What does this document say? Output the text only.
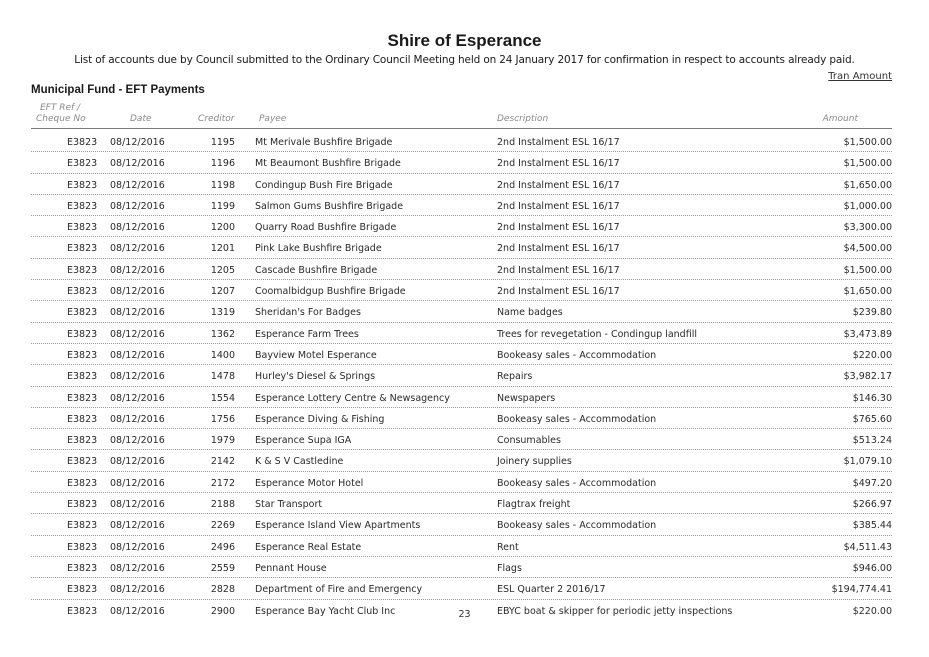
Shire of Esperance
List of accounts due by Council submitted to the Ordinary Council Meeting held on 24 January 2017 for confirmation in respect to accounts already paid.
Tran Amount
Municipal Fund - EFT Payments
EFT Ref /
Cheque No	Date	Creditor	Payee	Description	Amount
E3823 08/12/2016	1195 Mt Merivale Bushfire Brigade	2nd Instalment ESL 16/17	$1,500.00
E3823 08/12/2016	1196 Mt Beaumont Bushfire Brigade	2nd Instalment ESL 16/17	$1,500.00
E3823 08/12/2016	1198 Condingup Bush Fire Brigade	2nd Instalment ESL 16/17	$1,650.00
E3823 08/12/2016	1199 Salmon Gums Bushfire Brigade	2nd Instalment ESL 16/17	$1,000.00
E3823 08/12/2016	1200 Quarry Road Bushfire Brigade	2nd Instalment ESL 16/17	$3,300.00
E3823 08/12/2016	1201 Pink Lake Bushfire Brigade	2nd Instalment ESL 16/17	$4,500.00
E3823 08/12/2016	1205 Cascade Bushfire Brigade	2nd Instalment ESL 16/17	$1,500.00
E3823 08/12/2016	1207 Coomalbidgup Bushfire Brigade	2nd Instalment ESL 16/17	$1,650.00
E3823 08/12/2016	1319 Sheridan's For Badges	Name badges	$239.80
E3823 08/12/2016	1362 Esperance Farm Trees	Trees for revegetation - Condingup landfill	$3,473.89
E3823 08/12/2016	1400 Bayview Motel Esperance	Bookeasy sales - Accommodation	$220.00
E3823 08/12/2016	1478 Hurley's Diesel & Springs	Repairs	$3,982.17
E3823 08/12/2016	1554 Esperance Lottery Centre & Newsagency	Newspapers	$146.30
E3823 08/12/2016	1756 Esperance Diving & Fishing	Bookeasy sales - Accommodation	$765.60
E3823 08/12/2016	1979 Esperance Supa IGA	Consumables	$513.24
E3823 08/12/2016	2142 K & S V Castledine	Joinery supplies	$1,079.10
E3823 08/12/2016	2172 Esperance Motor Hotel	Bookeasy sales - Accommodation	$497.20
E3823 08/12/2016	2188 Star Transport	Flagtrax freight	$266.97
E3823 08/12/2016	2269 Esperance Island View Apartments	Bookeasy sales - Accommodation	$385.44
E3823 08/12/2016	2496 Esperance Real Estate	Rent	$4,511.43
E3823 08/12/2016	2559 Pennant House	Flags	$946.00
E3823 08/12/2016	2828 Department of Fire and Emergency	ESL Quarter 2 2016/17	$194,774.41
E3823 08/12/2016	2900 Esperance Bay Yacht Club Inc	EBYC boat & skipper for periodic jetty inspections	$220.00
23
